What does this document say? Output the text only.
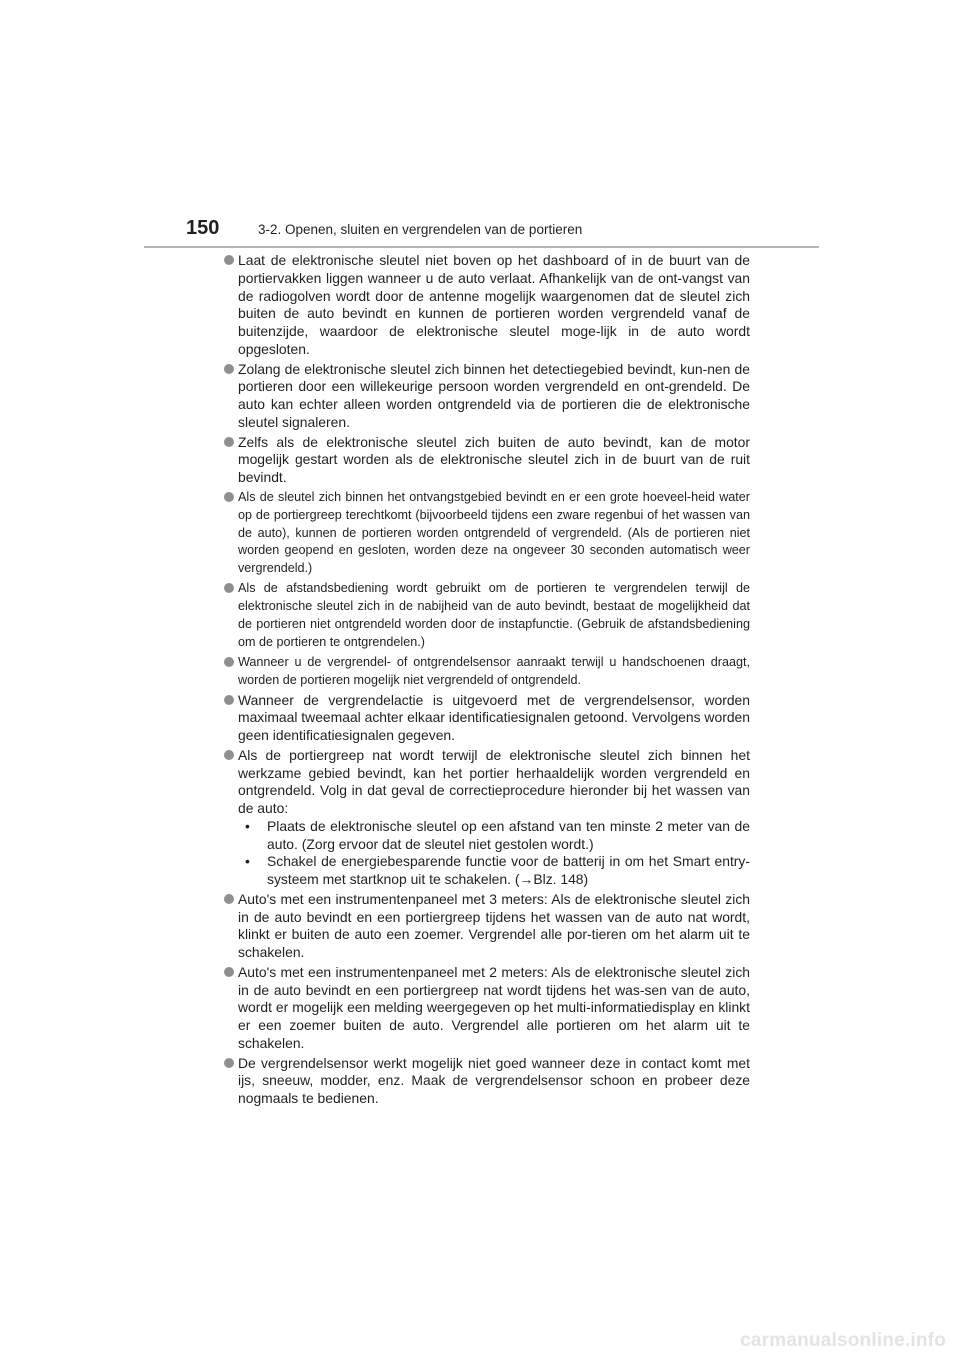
150	3-2. Openen, sluiten en vergrendelen van de portieren
Laat de elektronische sleutel niet boven op het dashboard of in de buurt van de portiervakken liggen wanneer u de auto verlaat. Afhankelijk van de ont-vangst van de radiogolven wordt door de antenne mogelijk waargenomen dat de sleutel zich buiten de auto bevindt en kunnen de portieren worden vergrendeld vanaf de buitenzijde, waardoor de elektronische sleutel moge-lijk in de auto wordt opgesloten.
Zolang de elektronische sleutel zich binnen het detectiegebied bevindt, kun-nen de portieren door een willekeurige persoon worden vergrendeld en ont-grendeld. De auto kan echter alleen worden ontgrendeld via de portieren die de elektronische sleutel signaleren.
Zelfs als de elektronische sleutel zich buiten de auto bevindt, kan de motor mogelijk gestart worden als de elektronische sleutel zich in de buurt van de ruit bevindt.
Als de sleutel zich binnen het ontvangstgebied bevindt en er een grote hoeveel-heid water op de portiergreep terechtkomt (bijvoorbeeld tijdens een zware regenbui of het wassen van de auto), kunnen de portieren worden ontgrendeld of vergrendeld. (Als de portieren niet worden geopend en gesloten, worden deze na ongeveer 30 seconden automatisch weer vergrendeld.)
Als de afstandsbediening wordt gebruikt om de portieren te vergrendelen terwijl de elektronische sleutel zich in de nabijheid van de auto bevindt, bestaat de mogelijkheid dat de portieren niet ontgrendeld worden door de instapfunctie. (Gebruik de afstandsbediening om de portieren te ontgrendelen.)
Wanneer u de vergrendel- of ontgrendelsensor aanraakt terwijl u handschoenen draagt, worden de portieren mogelijk niet vergrendeld of ontgrendeld.
Wanneer de vergrendelactie is uitgevoerd met de vergrendelsensor, worden maximaal tweemaal achter elkaar identificatiesignalen getoond. Vervolgens worden geen identificatiesignalen gegeven.
Als de portiergreep nat wordt terwijl de elektronische sleutel zich binnen het werkzame gebied bevindt, kan het portier herhaaldelijk worden vergrendeld en ontgrendeld. Volg in dat geval de correctieprocedure hieronder bij het wassen van de auto:
• Plaats de elektronische sleutel op een afstand van ten minste 2 meter van de auto. (Zorg ervoor dat de sleutel niet gestolen wordt.)
• Schakel de energiebesparende functie voor de batterij in om het Smart entry-systeem met startknop uit te schakelen. (→Blz. 148)
Auto's met een instrumentenpaneel met 3 meters: Als de elektronische sleutel zich in de auto bevindt en een portiergreep tijdens het wassen van de auto nat wordt, klinkt er buiten de auto een zoemer. Vergrendel alle por-tieren om het alarm uit te schakelen.
Auto's met een instrumentenpaneel met 2 meters: Als de elektronische sleutel zich in de auto bevindt en een portiergreep nat wordt tijdens het was-sen van de auto, wordt er mogelijk een melding weergegeven op het multi-informatiedisplay en klinkt er een zoemer buiten de auto. Vergrendel alle portieren om het alarm uit te schakelen.
De vergrendelsensor werkt mogelijk niet goed wanneer deze in contact komt met ijs, sneeuw, modder, enz. Maak de vergrendelsensor schoon en probeer deze nogmaals te bedienen.
carmanualsonline.info
